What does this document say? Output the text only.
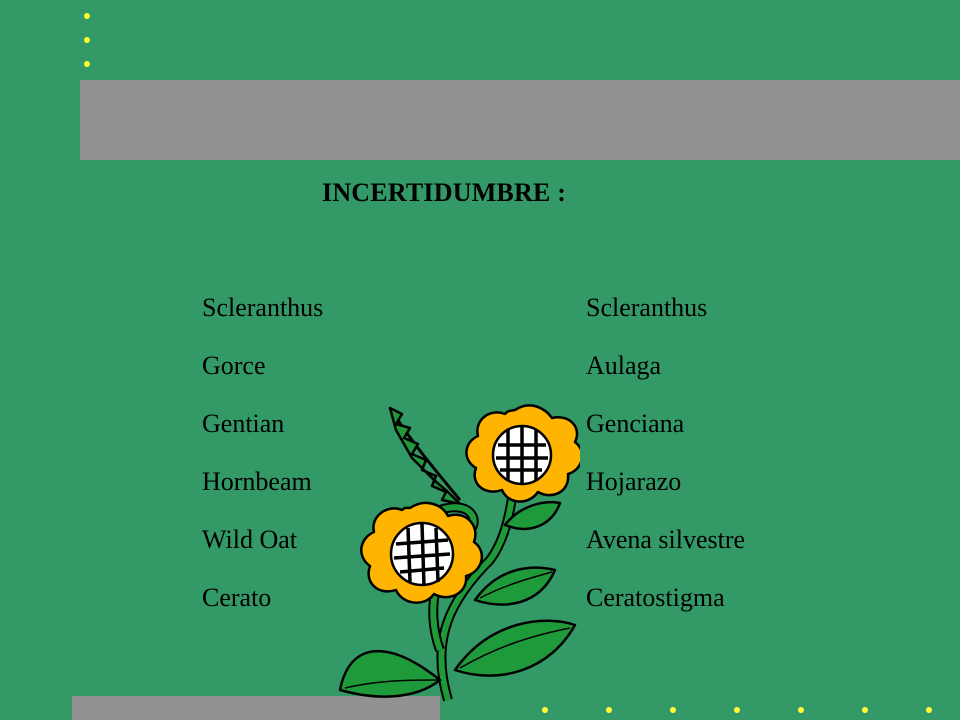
INCERTIDUMBRE :
Scleranthus
Gorce
Gentian
Hornbeam
Wild Oat
Cerato
Scleranthus
Aulaga
Genciana
Hojarazo
Avena silvestre
Ceratostigma
